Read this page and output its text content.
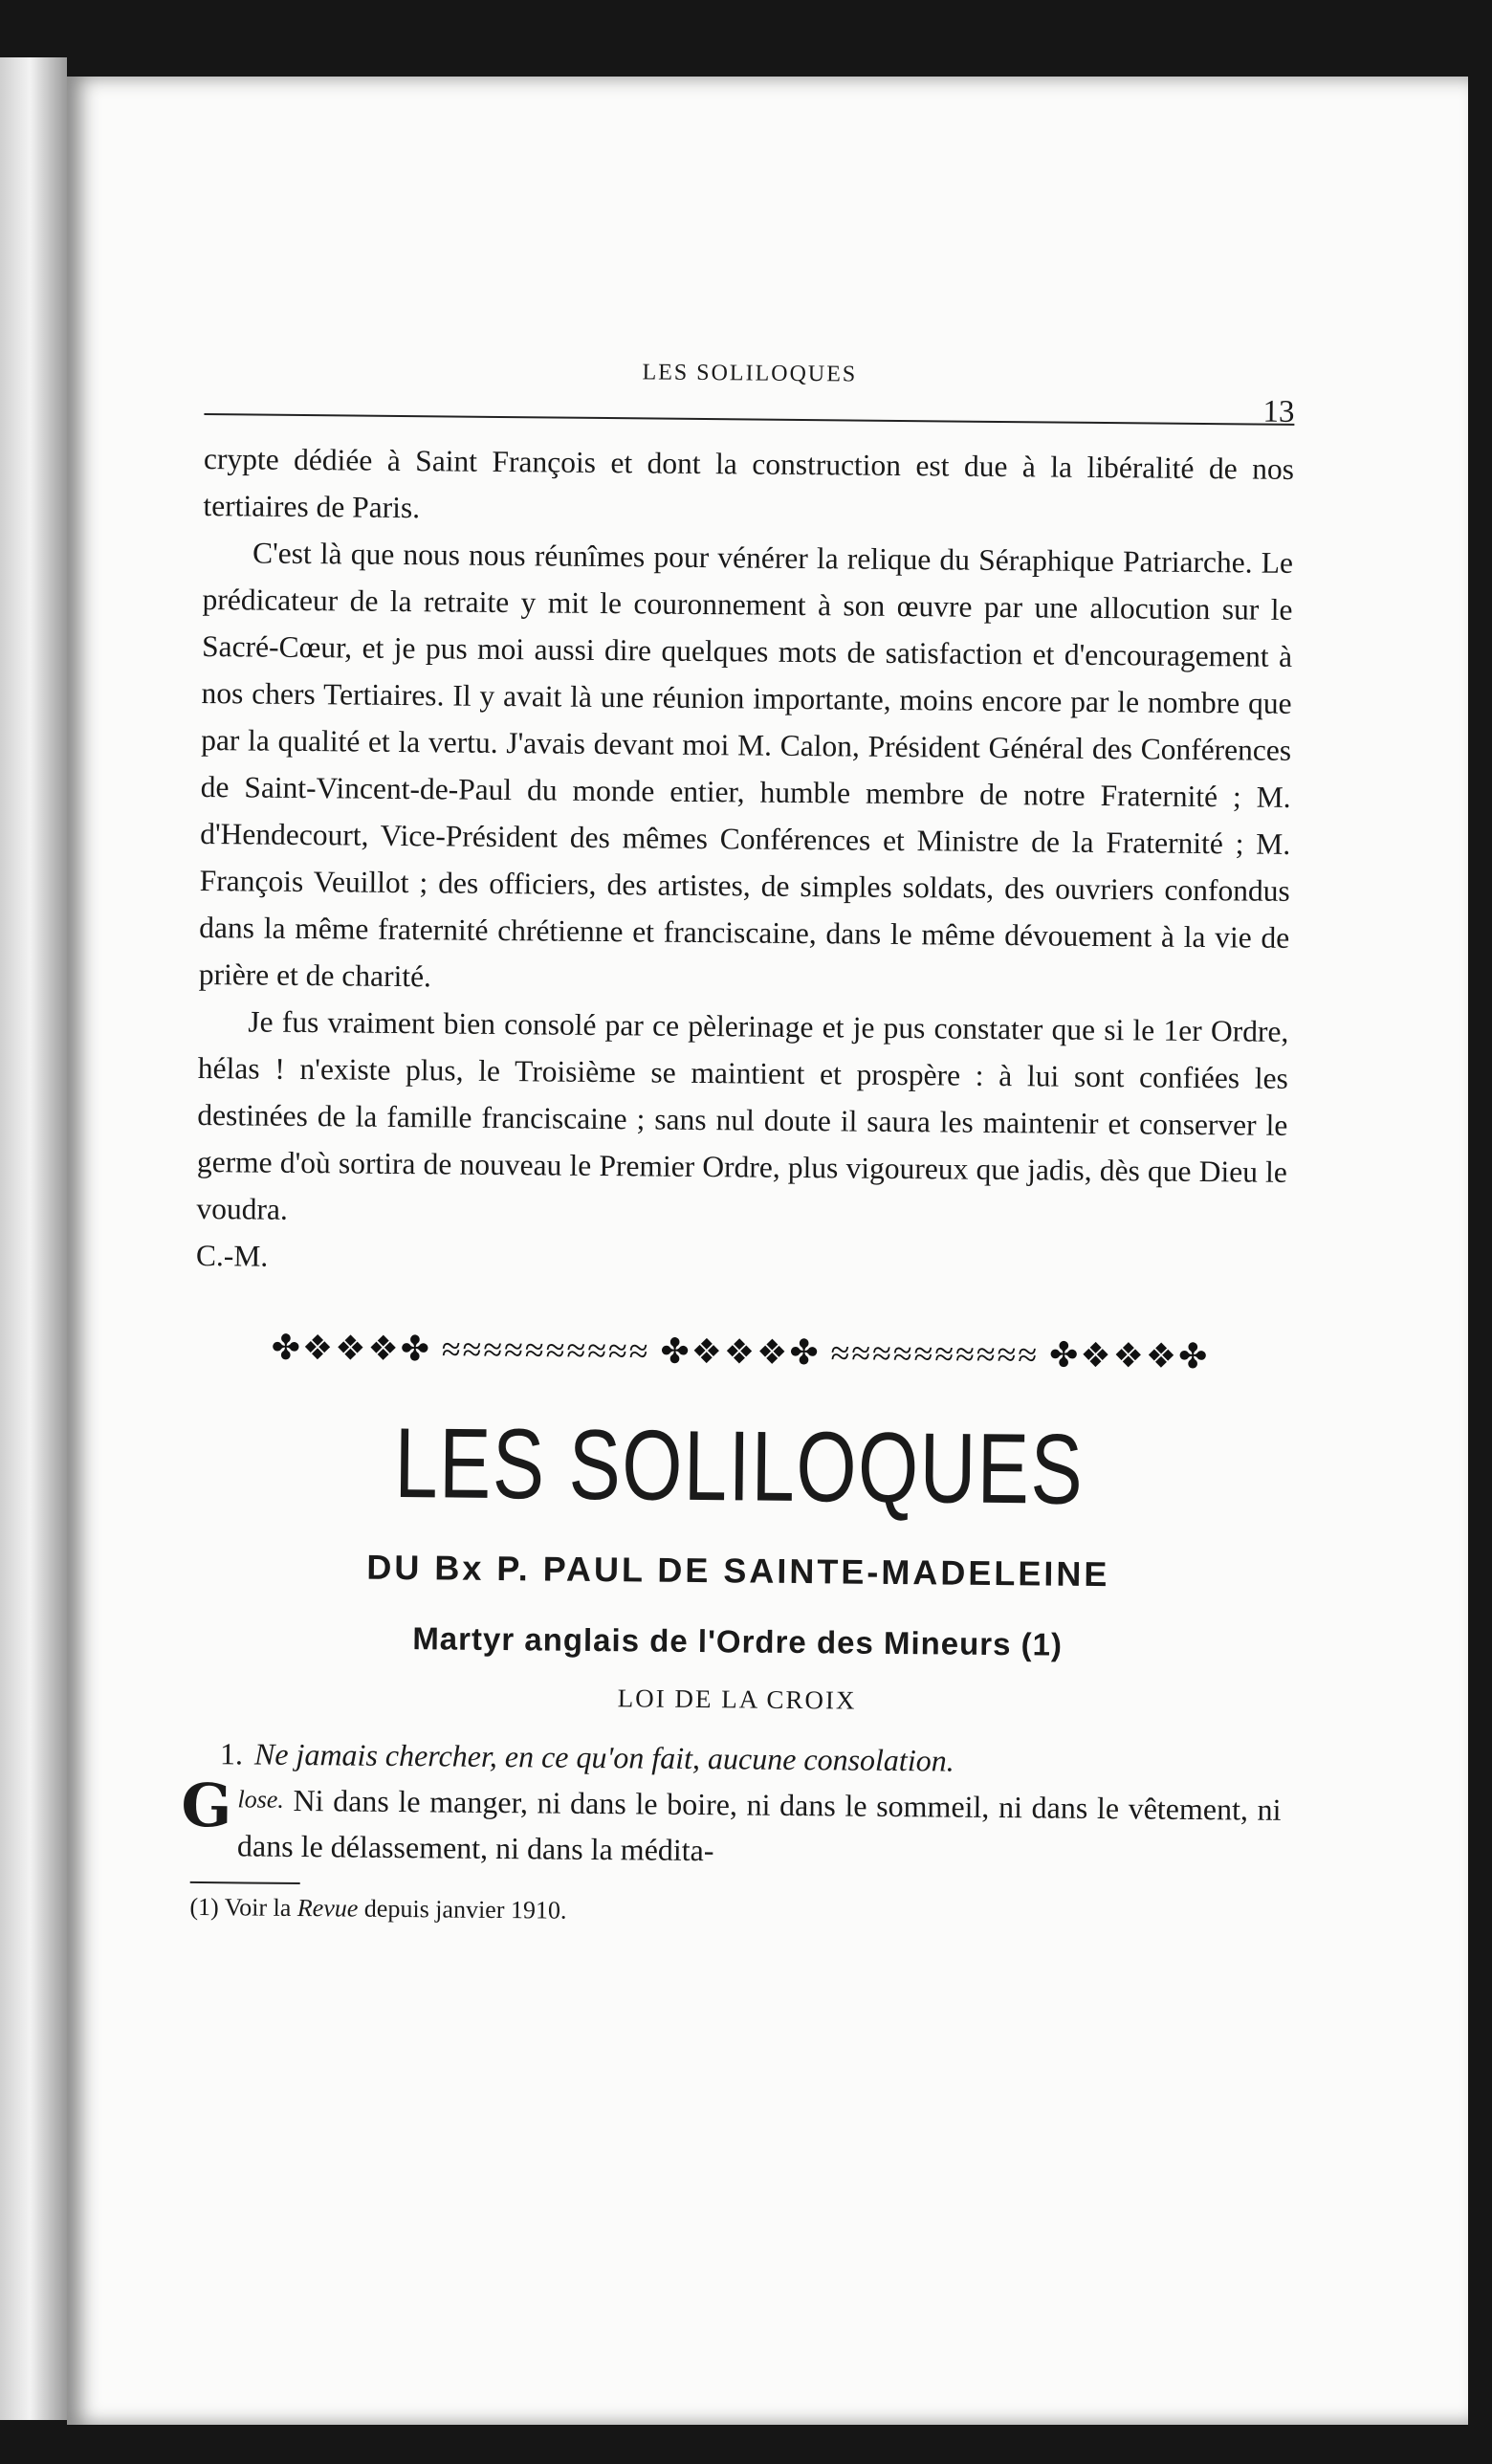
LES SOLILOQUES
13

crypte dédiée à Saint François et dont la construction est due à la libéralité de nos tertiaires de Paris.

C'est là que nous nous réunîmes pour vénérer la relique du Séraphique Patriarche. Le prédicateur de la retraite y mit le couronnement à son œuvre par une allocution sur le Sacré-Cœur, et je pus moi aussi dire quelques mots de satisfaction et d'encouragement à nos chers Tertiaires. Il y avait là une réunion importante, moins encore par le nombre que par la qualité et la vertu. J'avais devant moi M. Calon, Président Général des Conférences de Saint-Vincent-de-Paul du monde entier, humble membre de notre Fraternité ; M. d'Hendecourt, Vice-Président des mêmes Conférences et Ministre de la Fraternité ; M. François Veuillot ; des officiers, des artistes, de simples soldats, des ouvriers confondus dans la même fraternité chrétienne et franciscaine, dans le même dévouement à la vie de prière et de charité.

Je fus vraiment bien consolé par ce pèlerinage et je pus constater que si le 1er Ordre, hélas ! n'existe plus, le Troisième se maintient et prospère : à lui sont confiées les destinées de la famille franciscaine ; sans nul doute il saura les maintenir et conserver le germe d'où sortira de nouveau le Premier Ordre, plus vigoureux que jadis, dès que Dieu le voudra.

C.-M.

✤❖❖❖✤ ≈≈≈≈≈≈≈≈≈≈ ✤❖❖❖✤ ≈≈≈≈≈≈≈≈≈≈ ✤❖❖❖✤
LES SOLILOQUES
DU Bx P. PAUL DE SAINTE-MADELEINE
Martyr anglais de l'Ordre des Mineurs (1)
LOI DE LA CROIX
1. Ne jamais chercher, en ce qu'on fait, aucune consolation.
G $^{lose.}$ Ni dans le manger, ni dans le boire, ni dans le sommeil, ni dans le vêtement, ni dans le délassement, ni dans la médita-
(1) Voir la Revue depuis janvier 1910.
